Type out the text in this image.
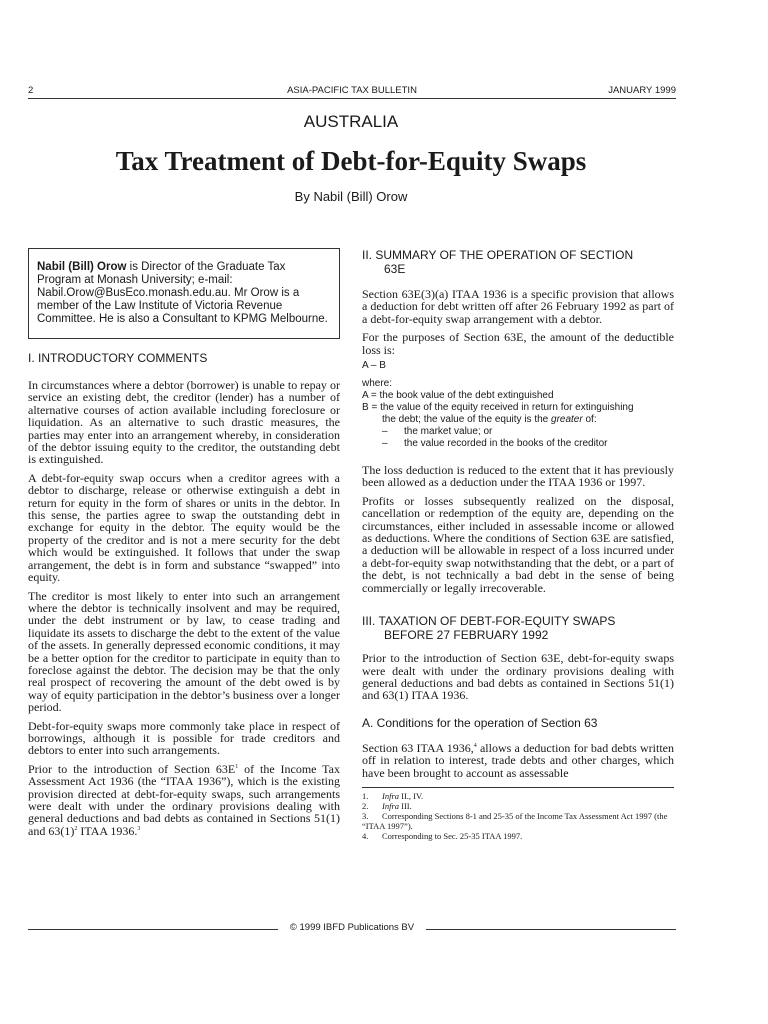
2	ASIA-PACIFIC TAX BULLETIN	JANUARY 1999
AUSTRALIA
Tax Treatment of Debt-for-Equity Swaps
By Nabil (Bill) Orow
Nabil (Bill) Orow is Director of the Graduate Tax Program at Monash University; e-mail: Nabil.Orow@BusEco.monash.edu.au. Mr Orow is a member of the Law Institute of Victoria Revenue Committee. He is also a Consultant to KPMG Melbourne.
I. INTRODUCTORY COMMENTS

In circumstances where a debtor (borrower) is unable to repay or service an existing debt, the creditor (lender) has a number of alternative courses of action available including foreclosure or liquidation. As an alternative to such drastic measures, the parties may enter into an arrangement whereby, in consideration of the debtor issuing equity to the creditor, the outstanding debt is extinguished.

A debt-for-equity swap occurs when a creditor agrees with a debtor to discharge, release or otherwise extinguish a debt in return for equity in the form of shares or units in the debtor. In this sense, the parties agree to swap the outstanding debt in exchange for equity in the debtor. The equity would be the property of the creditor and is not a mere security for the debt which would be extinguished. It follows that under the swap arrangement, the debt is in form and substance “swapped” into equity.

The creditor is most likely to enter into such an arrangement where the debtor is technically insolvent and may be required, under the debt instrument or by law, to cease trading and liquidate its assets to discharge the debt to the extent of the value of the assets. In generally depressed economic conditions, it may be a better option for the creditor to participate in equity than to foreclose against the debtor. The decision may be that the only real prospect of recovering the amount of the debt owed is by way of equity participation in the debtor’s business over a longer period.

Debt-for-equity swaps more commonly take place in respect of borrowings, although it is possible for trade creditors and debtors to enter into such arrangements.

Prior to the introduction of Section $63E^1$ of the Income Tax Assessment Act 1936 (the “ITAA 1936”), which is the existing provision directed at debt-for-equity swaps, such arrangements were dealt with under the ordinary provisions dealing with general deductions and bad debts as contained in Sections 51(1) and $63(1)^2$ ITAA 1936.$^3$

II. SUMMARY OF THE OPERATION OF SECTION
63E

Section 63E(3)(a) ITAA 1936 is a specific provision that allows a deduction for debt written off after 26 February 1992 as part of a debt-for-equity swap arrangement with a debtor.

For the purposes of Section 63E, the amount of the deductible loss is:

A – B
where:
A = the book value of the debt extinguished
B = the value of the equity received in return for extinguishing
the debt; the value of the equity is the greater of:
– the market value; or
– the value recorded in the books of the creditor

The loss deduction is reduced to the extent that it has previously been allowed as a deduction under the ITAA 1936 or 1997.

Profits or losses subsequently realized on the disposal, cancellation or redemption of the equity are, depending on the circumstances, either included in assessable income or allowed as deductions. Where the conditions of Section 63E are satisfied, a deduction will be allowable in respect of a loss incurred under a debt-for-equity swap notwithstanding that the debt, or a part of the debt, is not technically a bad debt in the sense of being commercially or legally irrecoverable.

III. TAXATION OF DEBT-FOR-EQUITY SWAPS
BEFORE 27 FEBRUARY 1992

Prior to the introduction of Section 63E, debt-for-equity swaps were dealt with under the ordinary provisions dealing with general deductions and bad debts as contained in Sections 51(1) and 63(1) ITAA 1936.

A. Conditions for the operation of Section 63

Section 63 ITAA 1936,$^4$ allows a deduction for bad debts written off in relation to interest, trade debts and other charges, which have been brought to account as assessable

1. Infra II., IV.

2. Infra III.

3. Corresponding Sections 8-1 and 25-35 of the Income Tax Assessment Act 1997 (the “ITAA 1997”).

4. Corresponding to Sec. 25-35 ITAA 1997.

© 1999 IBFD Publications BV
